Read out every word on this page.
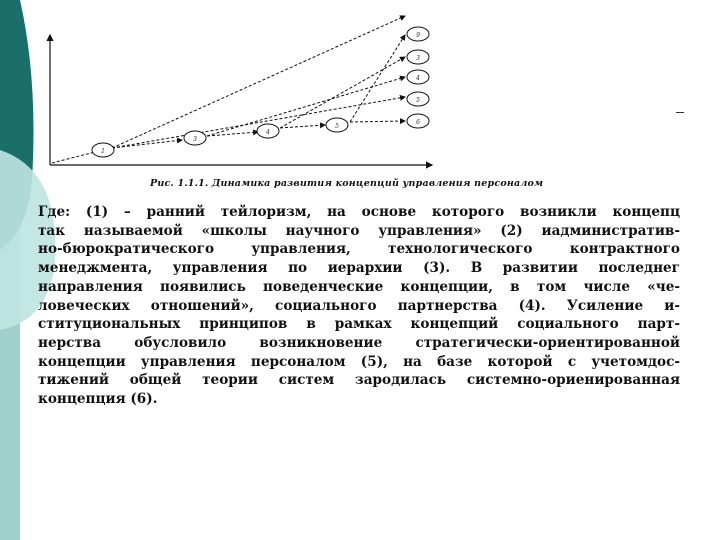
1
3
4
5
6
5
4
3
9
Рис. 1.1.1. Динамика развития концепций управления персоналом
Где: (1) – ранний тейлоризм, на основе которого возникли концепц
так называемой «школы научного управления» (2) иадминистратив-
но-бюрократического управления, технологического контрактного
менеджмента, управления по иерархии (3). В развитии последнег
направления появились поведенческие концепции, в том числе «че-
ловеческих отношений», социального партнерства (4). Усиление и-
ституциональных принципов в рамках концепций социального парт-
нерства обусловило возникновение стратегически-ориентированной
концепции управления персоналом (5), на базе которой с учетомдос-
тижений общей теории систем зародилась системно-ориенированная
концепция (6).
